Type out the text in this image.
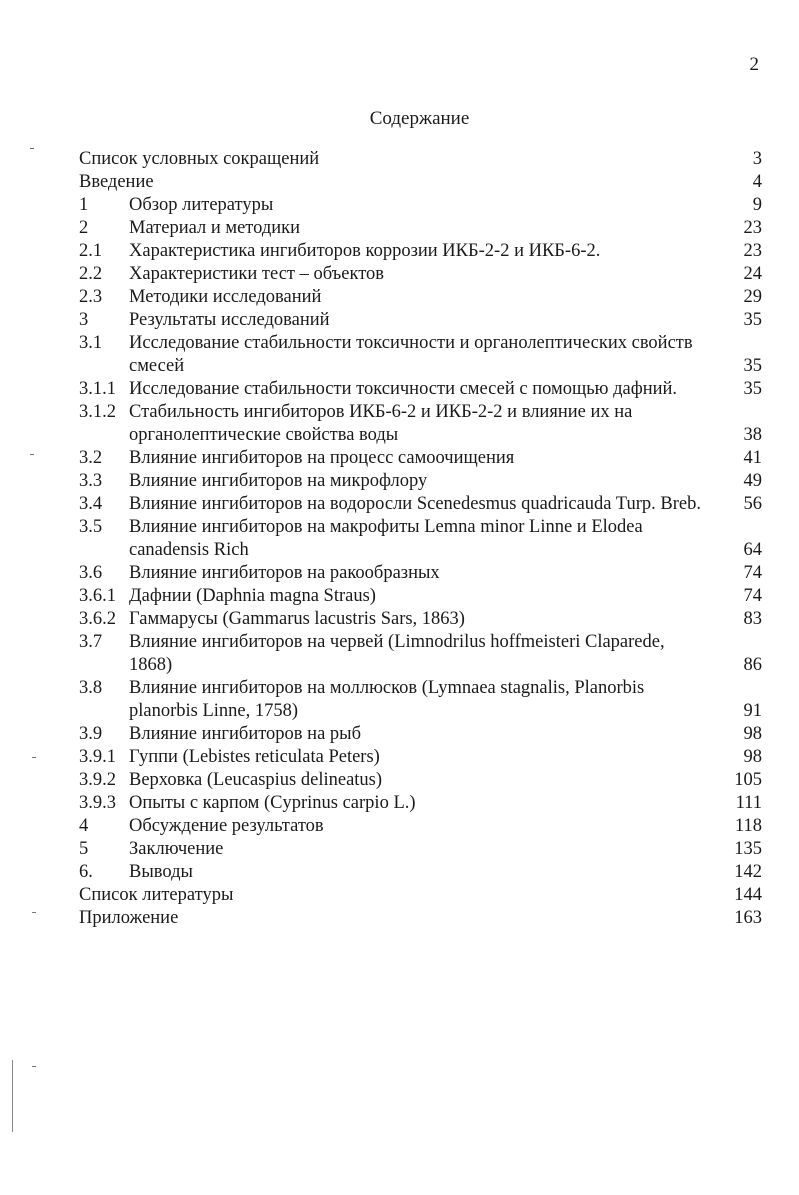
2
Содержание
Список условных сокращений	3
Введение	4
1	Обзор литературы	9
2	Материал и методики	23
2.1	Характеристика ингибиторов коррозии ИКБ-2-2 и ИКБ-6-2.	23
2.2	Характеристики тест – объектов	24
2.3	Методики исследований	29
3	Результаты исследований	35
3.1	Исследование стабильности токсичности и органолептических свойств смесей	35
3.1.1 Исследование стабильности токсичности смесей с помощью дафний.	35
3.1.2 Стабильность ингибиторов ИКБ-6-2 и ИКБ-2-2 и влияние их на органолептические свойства воды	38
3.2	Влияние ингибиторов на процесс самоочищения	41
3.3	Влияние ингибиторов на микрофлору	49
3.4	Влияние ингибиторов на водоросли Scenedesmus quadricauda Turp. Breb.	56
3.5	Влияние ингибиторов на макрофиты Lemna minor Linne и Elodea canadensis Rich	64
3.6	Влияние ингибиторов на ракообразных	74
3.6.1 Дафнии (Daphnia magna Straus)	74
3.6.2 Гаммарусы (Gammarus lacustris Sars, 1863)	83
3.7	Влияние ингибиторов на червей (Limnodrilus hoffmeisteri Claparede, 1868)	86
3.8	Влияние ингибиторов на моллюсков (Lymnaea stagnalis, Planorbis planorbis Linne, 1758)	91
3.9	Влияние ингибиторов на рыб	98
3.9.1 Гуппи (Lebistes reticulata Peters)	98
3.9.2 Верховка (Leucaspius delineatus)	105
3.9.3 Опыты с карпом (Cyprinus carpio L.)	111
4	Обсуждение результатов	118
5	Заключение	135
6.	Выводы	142
Список литературы	144
Приложение	163
